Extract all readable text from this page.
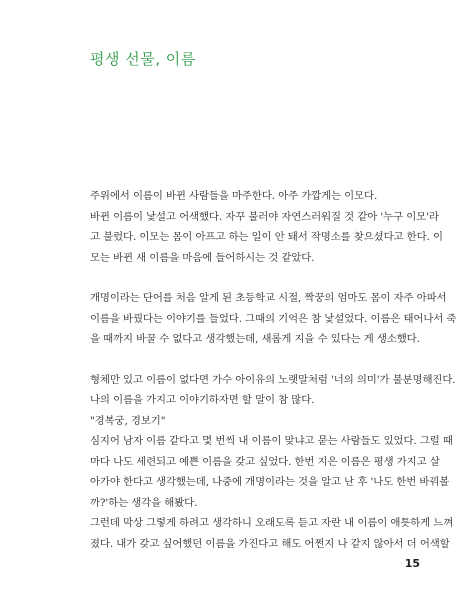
평생 선물, 이름

주위에서 이름이 바뀐 사람들을 마주한다. 아주 가깝게는 이모다.

바뀐 이름이 낯설고 어색했다. 자꾸 불러야 자연스러워질 것 같아 '누구 이모'라

고 불렀다. 이모는 몸이 아프고 하는 일이 안 돼서 작명소를 찾으셨다고 한다. 이

모는 바뀐 새 이름을 마음에 들어하시는 것 같았다.

개명이라는 단어를 처음 알게 된 초등학교 시절, 짝꿍의 엄마도 몸이 자주 아파서

이름을 바꿨다는 이야기를 들었다. 그때의 기억은 참 낯설었다. 이름은 태어나서 죽

을 때까지 바꿀 수 없다고 생각했는데, 새롭게 지을 수 있다는 게 생소했다.

형체만 있고 이름이 없다면 가수 아이유의 노랫말처럼 '너의 의미'가 불분명해진다.

나의 이름을 가지고 이야기하자면 할 말이 참 많다.

"경복궁, 경보기"

심지어 남자 이름 같다고 몇 번씩 내 이름이 맞냐고 묻는 사람들도 있었다. 그럴 때

마다 나도 세련되고 예쁜 이름을 갖고 싶었다. 한번 지은 이름은 평생 가지고 살

아가야 한다고 생각했는데, 나중에 개명이라는 것을 알고 난 후 '나도 한번 바꿔볼

까?'하는 생각을 해봤다.

그런데 막상 그렇게 하려고 생각하니 오래도록 듣고 자란 내 이름이 애틋하게 느껴

졌다. 내가 갖고 싶어했던 이름을 가진다고 해도 어쩐지 나 같지 않아서 더 어색할

15
